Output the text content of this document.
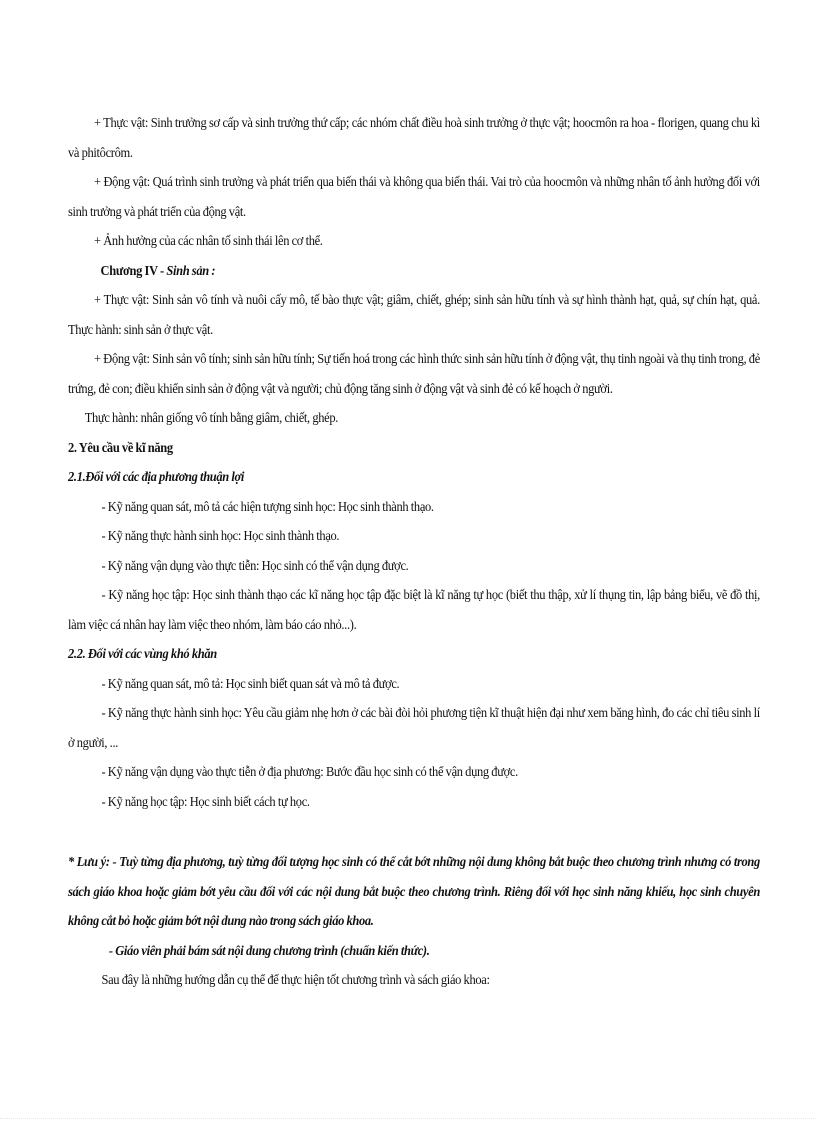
+ Thực vật: Sinh trưởng sơ cấp và sinh trưởng thứ cấp; các nhóm chất điều hoà sinh trưởng ở thực vật; hoocmôn ra hoa - florigen, quang chu kì và phitôcrôm.

+ Động vật: Quá trình sinh trưởng và phát triển qua biến thái và không qua biến thái. Vai trò của hoocmôn và những nhân tố ảnh hưởng đối với sinh trưởng và phát triển của động vật.

+ Ảnh hưởng của các nhân tố sinh thái lên cơ thể.

Chương IV - Sinh sản :

+ Thực vật: Sinh sản vô tính và nuôi cấy mô, tế bào thực vật; giâm, chiết, ghép; sinh sản hữu tính và sự hình thành hạt, quả, sự chín hạt, quả. Thực hành: sinh sản ở thực vật.

+ Động vật: Sinh sản vô tính; sinh sản hữu tính; Sự tiến hoá trong các hình thức sinh sản hữu tính ở động vật, thụ tinh ngoài và thụ tinh trong, đẻ trứng, đẻ con; điều khiển sinh sản ở động vật và người; chủ động tăng sinh ở động vật và sinh đẻ có kế hoạch ở người.

Thực hành: nhân giống vô tính bằng giâm, chiết, ghép.

2. Yêu cầu về kĩ năng

2.1.Đối với các địa phương thuận lợi

- Kỹ năng quan sát, mô tả các hiện tượng sinh học: Học sinh thành thạo.

- Kỹ năng thực hành sinh học: Học sinh thành thạo.

- Kỹ năng vận dụng vào thực tiễn: Học sinh có thể vận dụng được.

- Kỹ năng học tập: Học sinh thành thạo các kĩ năng học tập đặc biệt là kĩ năng tự học (biết thu thập, xử lí thụng tin, lập bảng biểu, vẽ đồ thị, làm việc cá nhân hay làm việc theo nhóm, làm báo cáo nhỏ...).

2.2. Đối với các vùng khó khăn

- Kỹ năng quan sát, mô tả: Học sinh biết quan sát và mô tả được.

- Kỹ năng thực hành sinh học: Yêu cầu giảm nhẹ hơn ở các bài đòi hỏi phương tiện kĩ thuật hiện đại như xem băng hình, đo các chỉ tiêu sinh lí ở người, ...

- Kỹ năng vận dụng vào thực tiễn ở địa phương: Bước đầu học sinh có thể vận dụng được.

- Kỹ năng học tập: Học sinh biết cách tự học.

* Lưu ý: - Tuỳ từng địa phương, tuỳ từng đối tượng học sinh có thể cắt bớt những nội dung không bắt buộc theo chương trình nhưng có trong sách giáo khoa hoặc giảm bớt yêu cầu đối với các nội dung bắt buộc theo chương trình. Riêng đối với học sinh năng khiếu, học sinh chuyên không cắt bỏ hoặc giảm bớt nội dung nào trong sách giáo khoa.

- Giáo viên phải bám sát nội dung chương trình (chuẩn kiến thức).

Sau đây là những hướng dẫn cụ thể để thực hiện tốt chương trình và sách giáo khoa:
